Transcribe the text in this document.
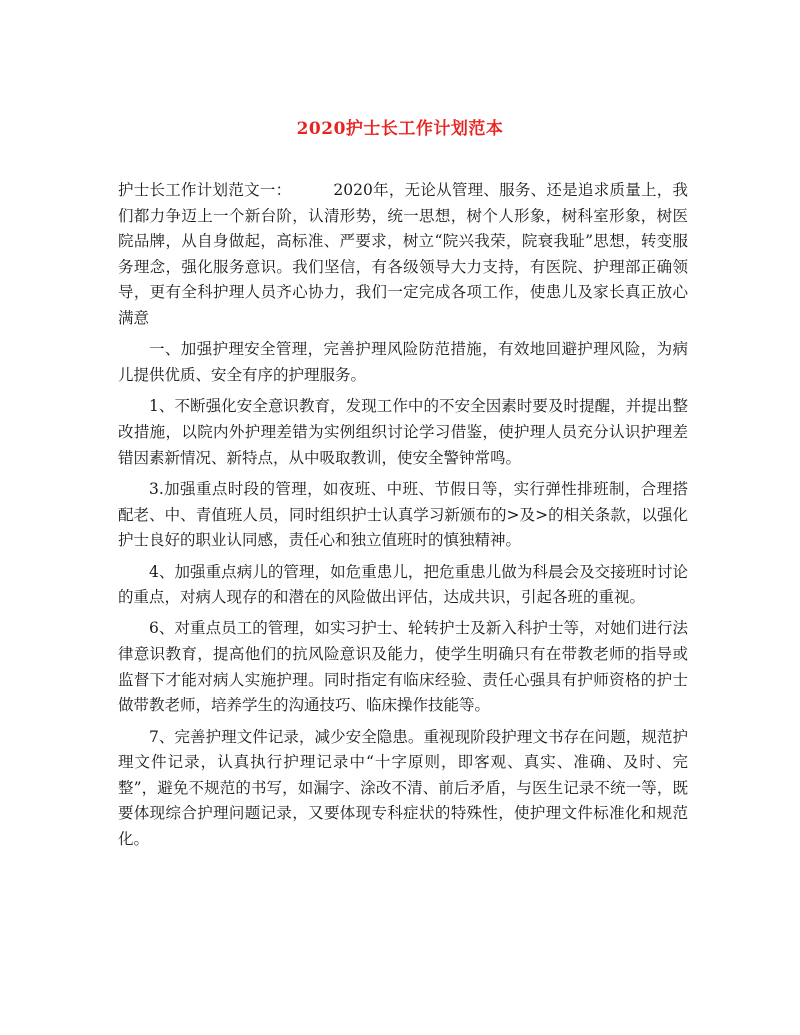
2020护士长工作计划范本

护士长工作计划范文一：	2020年，无论从管理、服务、还是追求质量上，我们都力争迈上一个新台阶，认清形势，统一思想，树个人形象，树科室形象，树医院品牌，从自身做起，高标准、严要求，树立“院兴我荣，院衰我耻”思想，转变服务理念，强化服务意识。我们坚信，有各级领导大力支持，有医院、护理部正确领导，更有全科护理人员齐心协力，我们一定完成各项工作，使患儿及家长真正放心满意

一、加强护理安全管理，完善护理风险防范措施，有效地回避护理风险，为病儿提供优质、安全有序的护理服务。

1、不断强化安全意识教育，发现工作中的不安全因素时要及时提醒，并提出整改措施，以院内外护理差错为实例组织讨论学习借鉴，使护理人员充分认识护理差错因素新情况、新特点，从中吸取教训，使安全警钟常鸣。

3.加强重点时段的管理，如夜班、中班、节假日等，实行弹性排班制，合理搭配老、中、青值班人员，同时组织护士认真学习新颁布的>及>的相关条款，以强化护士良好的职业认同感，责任心和独立值班时的慎独精神。

4、加强重点病儿的管理，如危重患儿，把危重患儿做为科晨会及交接班时讨论的重点，对病人现存的和潜在的风险做出评估，达成共识，引起各班的重视。

6、对重点员工的管理，如实习护士、轮转护士及新入科护士等，对她们进行法律意识教育，提高他们的抗风险意识及能力，使学生明确只有在带教老师的指导或监督下才能对病人实施护理。同时指定有临床经验、责任心强具有护师资格的护士做带教老师，培养学生的沟通技巧、临床操作技能等。

7、完善护理文件记录，减少安全隐患。重视现阶段护理文书存在问题，规范护理文件记录，认真执行护理记录中“十字原则，即客观、真实、准确、及时、完整”，避免不规范的书写，如漏字、涂改不清、前后矛盾，与医生记录不统一等，既要体现综合护理问题记录，又要体现专科症状的特殊性，使护理文件标准化和规范化。
